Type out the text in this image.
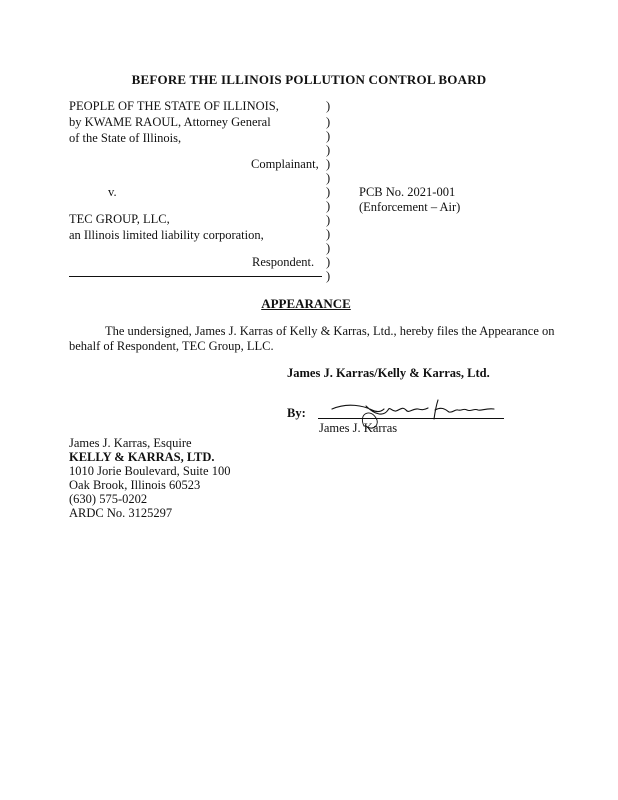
BEFORE THE ILLINOIS POLLUTION CONTROL BOARD
PEOPLE OF THE STATE OF ILLINOIS,
by KWAME RAOUL, Attorney General
of the State of Illinois,
Complainant,
v.
TEC GROUP, LLC,
an Illinois limited liability corporation,
Respondent.
)
)
)
)
)
)
)
)
)
)
)
)
)
PCB No. 2021-001
(Enforcement – Air)
APPEARANCE
The undersigned, James J. Karras of Kelly & Karras, Ltd., hereby files the Appearance on
behalf of Respondent, TEC Group, LLC.
James J. Karras/Kelly & Karras, Ltd.
By:
James J. Karras
James J. Karras, Esquire
KELLY & KARRAS, LTD.
1010 Jorie Boulevard, Suite 100
Oak Brook, Illinois 60523
(630) 575-0202
ARDC No. 3125297
